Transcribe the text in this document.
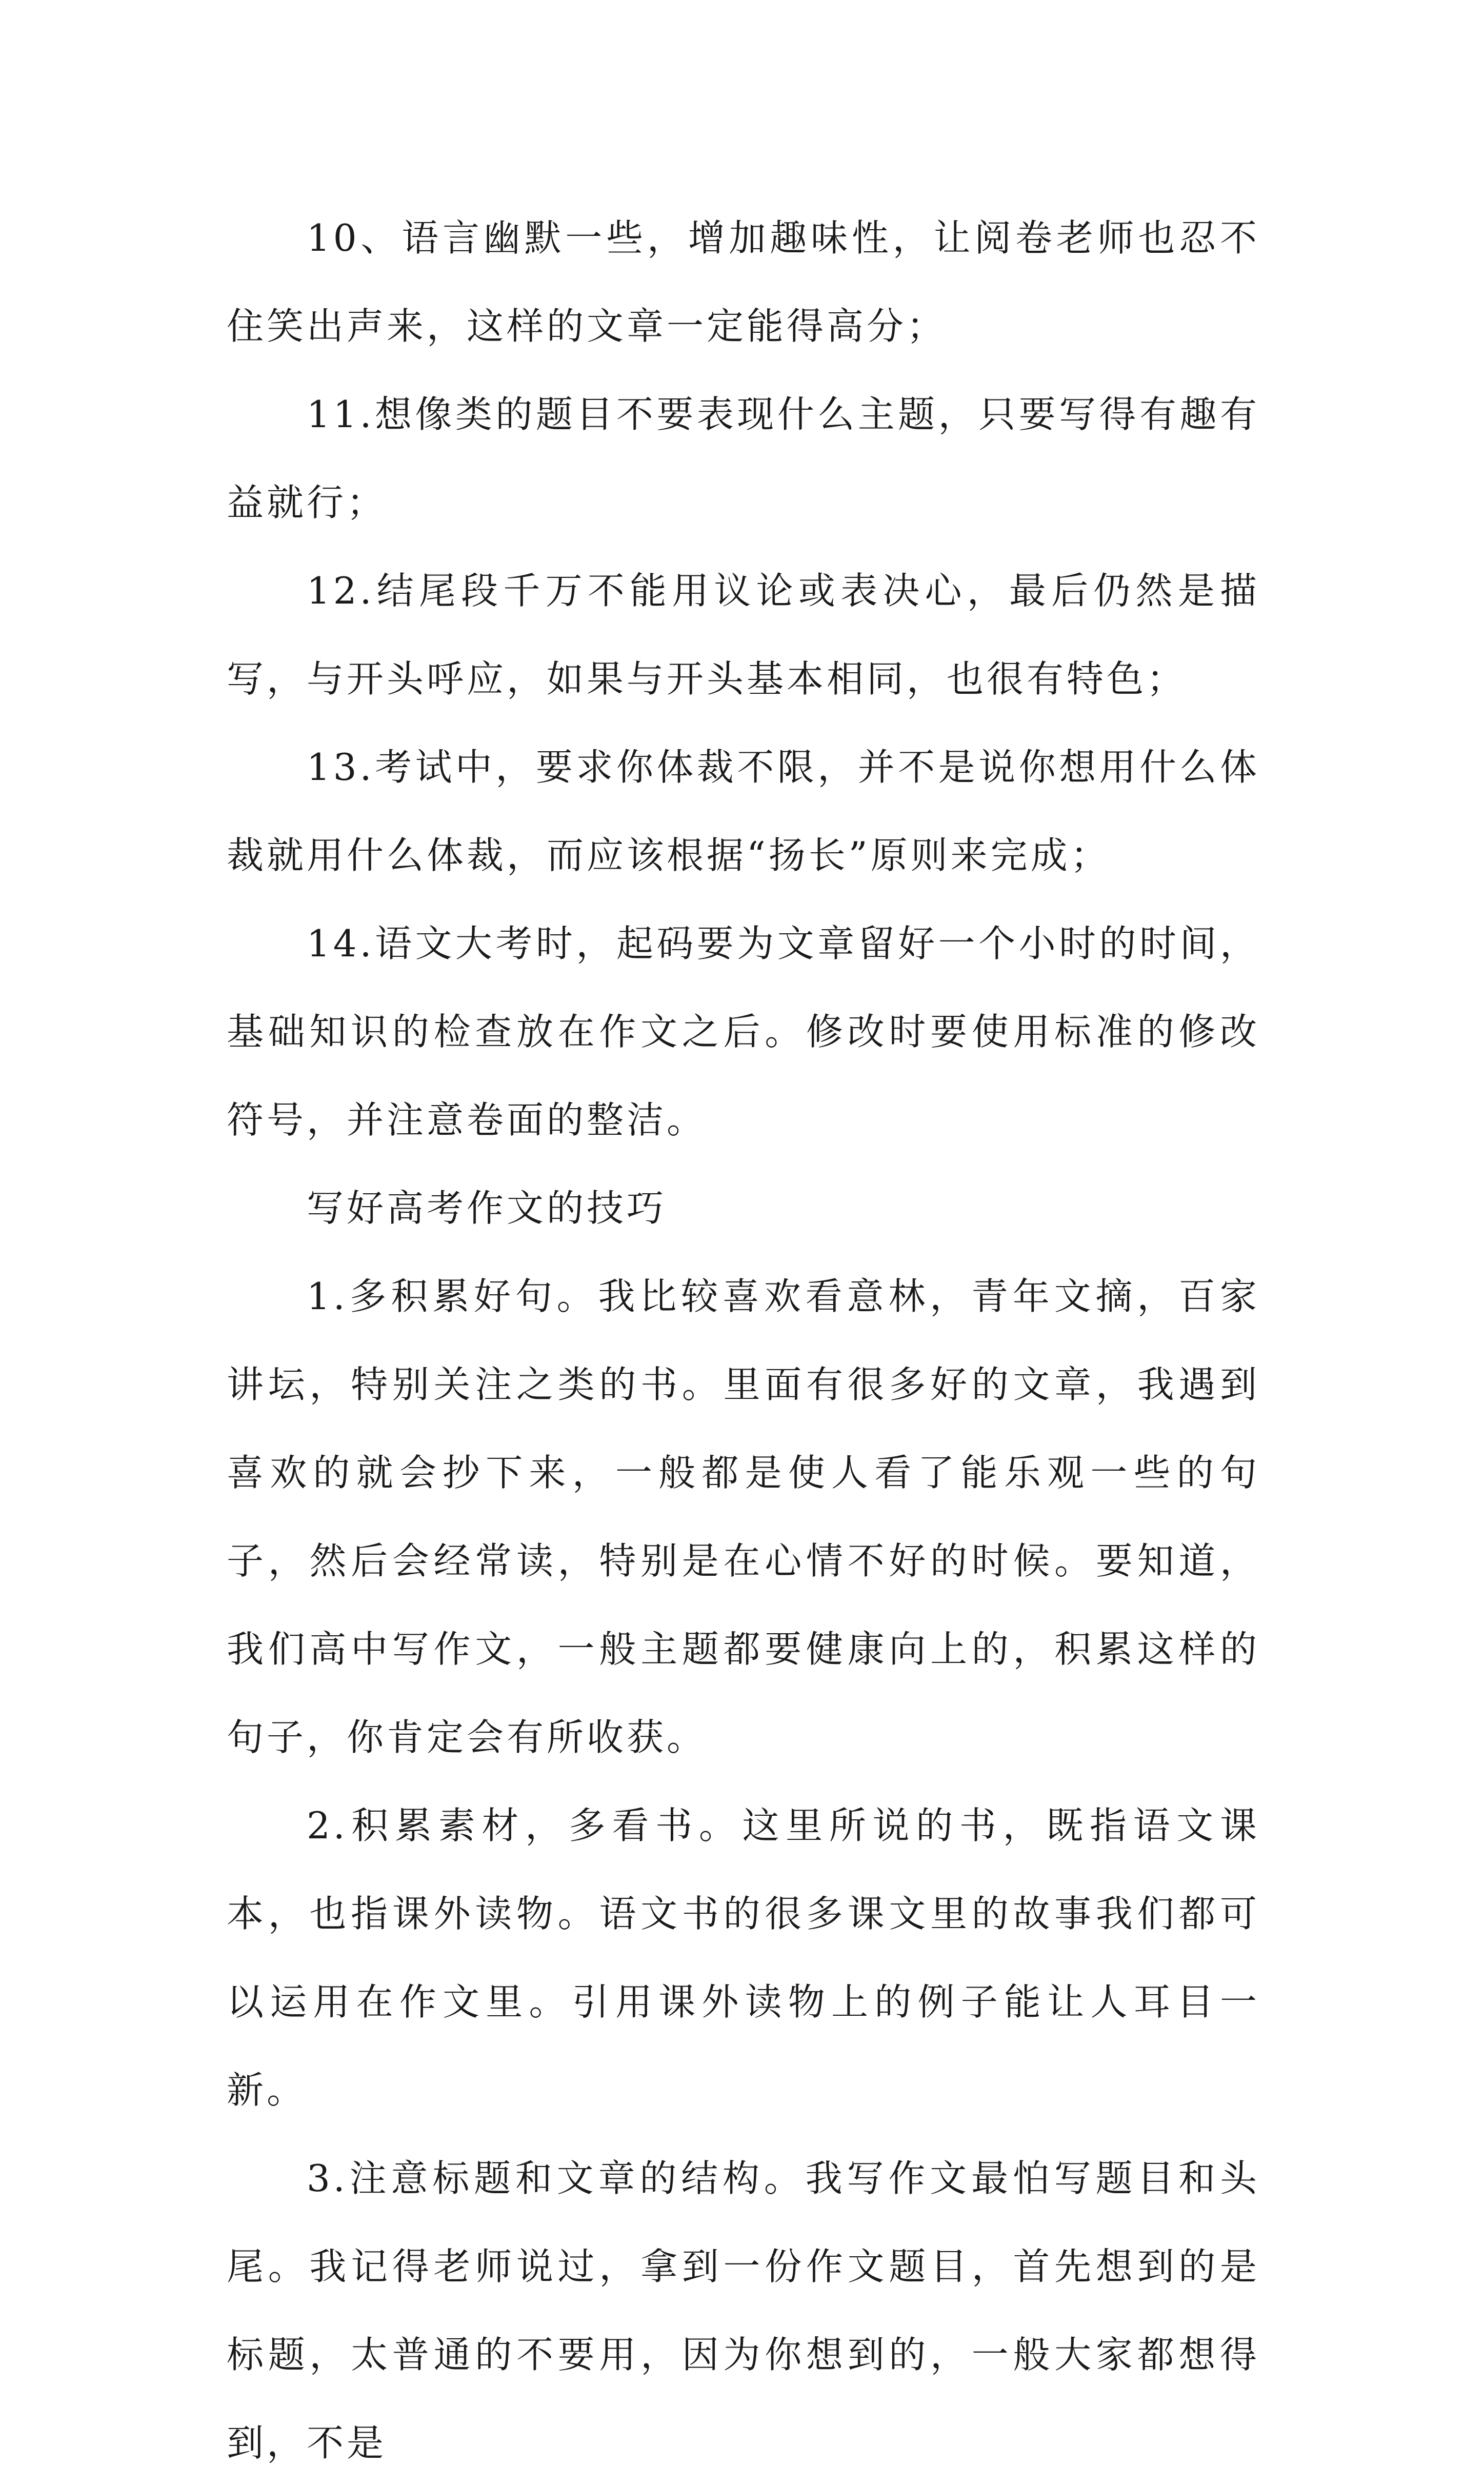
10、语言幽默一些，增加趣味性，让阅卷老师也忍不住笑出声来，这样的文章一定能得高分；

11.想像类的题目不要表现什么主题，只要写得有趣有益就行；

12.结尾段千万不能用议论或表决心，最后仍然是描写，与开头呼应，如果与开头基本相同，也很有特色；

13.考试中，要求你体裁不限，并不是说你想用什么体裁就用什么体裁，而应该根据“扬长”原则来完成；

14.语文大考时，起码要为文章留好一个小时的时间，基础知识的检查放在作文之后。修改时要使用标准的修改符号，并注意卷面的整洁。

写好高考作文的技巧

1.多积累好句。我比较喜欢看意林，青年文摘，百家讲坛，特别关注之类的书。里面有很多好的文章，我遇到喜欢的就会抄下来，一般都是使人看了能乐观一些的句子，然后会经常读，特别是在心情不好的时候。要知道，我们高中写作文，一般主题都要健康向上的，积累这样的句子，你肯定会有所收获。

2.积累素材，多看书。这里所说的书，既指语文课本，也指课外读物。语文书的很多课文里的故事我们都可以运用在作文里。引用课外读物上的例子能让人耳目一新。

3.注意标题和文章的结构。我写作文最怕写题目和头尾。我记得老师说过，拿到一份作文题目，首先想到的是标题，太普通的不要用，因为你想到的，一般大家都想得到，不是
